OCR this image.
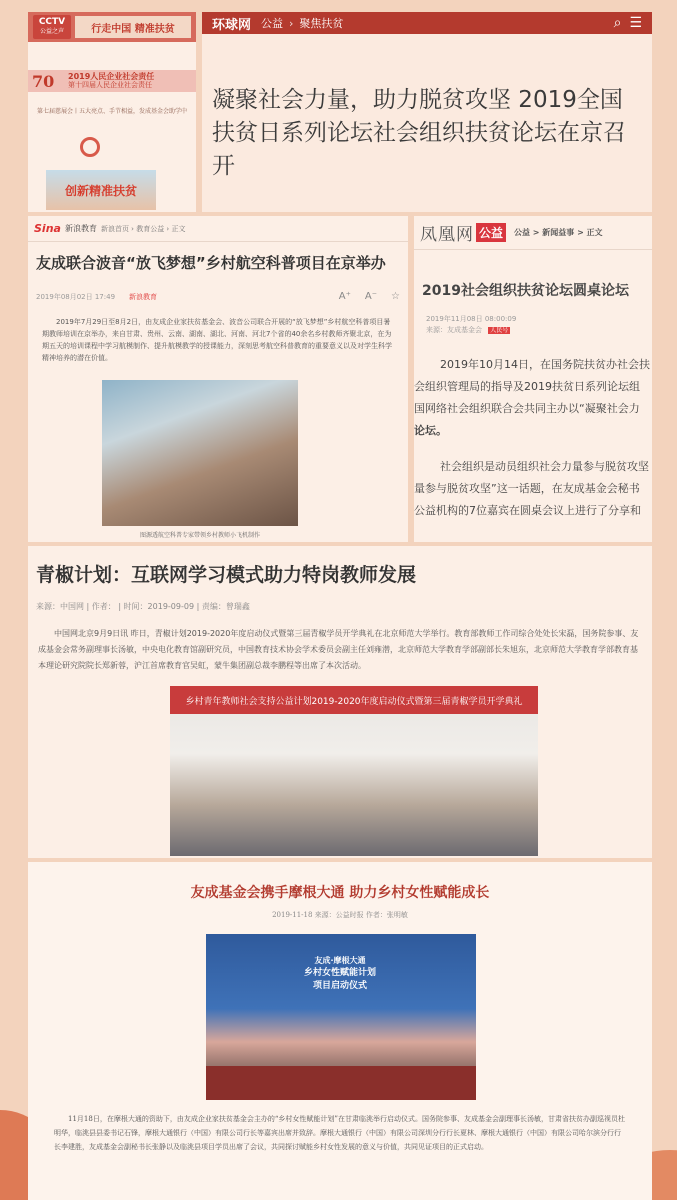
CCTV
公益之声	行走中国 精准扶贫
70	2019人民企业社会责任
第十四届人民企业社会责任
第七届慈展会丨五大亮点、手节相益，发成基金会助学中
创新精准扶贫
环球网 公益 › 聚焦扶贫	⌕ ☰
凝聚社会力量，助力脱贫攻坚 2019全国扶贫日系列论坛社会组织扶贫论坛在京召开
Sina 新浪教育 新浪首页 › 教育公益 › 正文
友成联合波音“放飞梦想”乡村航空科普项目在京举办
2019年08月02日 17:49 新浪教育	A⁺ A⁻ ☆
2019年7月29日至8月2日，由友成企业家扶贫基金会、波音公司联合开展的“放飞梦想”乡村航空科普项目暑期教师培训在京举办，来自甘肃、贵州、云南、湖南、湖北、河南、河北7个省的40余名乡村教师齐聚北京，在为期五天的培训课程中学习航模制作、提升航模教学的授课能力，深刻思考航空科普教育的重要意义以及对学生科学精神培养的潜在价值。
图源透航空科普专家带领乡村教师小飞机制作
凤凰网 公益	公益 > 新闻益事 > 正文
2019社会组织扶贫论坛圆桌论坛
2019年11月08日 08:00:09
来源：友成基金会 人民号
2019年10月14日，在国务院扶贫办社会扶
会组织管理局的指导及2019扶贫日系列论坛组
国网络社会组织联合会共同主办以“凝聚社会力
论坛。
社会组织是动员组织社会力量参与脱贫攻坚
量参与脱贫攻坚”这一话题，在友成基金会秘书
公益机构的7位嘉宾在圆桌会议上进行了分享和
青椒计划：互联网学习模式助力特岗教师发展
来源：中国网 | 作者： | 时间：2019-09-09 | 责编：曾瑞鑫
中国网北京9月9日讯 昨日，青椒计划2019-2020年度启动仪式暨第三届青椒学员开学典礼在北京师范大学举行。教育部教师工作司综合处处长宋磊，国务院参事、友成基金会常务副理事长汤敏，中央电化教育馆副研究员，中国教育技术协会学术委员会副主任刘雍潜，北京师范大学教育学部副部长朱旭东，北京师范大学教育学部教育基本理论研究院院长郑新蓉，沪江首席教育官吴虹，蒙牛集团副总裁李鹏程等出席了本次活动。
乡村青年教师社会支持公益计划2019-2020年度启动仪式暨第三届青椒学员开学典礼
友成基金会携手摩根大通 助力乡村女性赋能成长
2019-11-18 来源：公益时报 作者：张明敏
友成·摩根大通
乡村女性赋能计划
项目启动仪式
11月18日，在摩根大通的资助下，由友成企业家扶贫基金会主办的“乡村女性赋能计划”在甘肃临洮举行启动仪式。国务院参事、友成基金会副理事长汤敏，甘肃省扶贫办副巡视员杜明华，临洮县县委书记石锋，摩根大通银行（中国）有限公司行长等嘉宾出席并致辞。摩根大通银行（中国）有限公司深圳分行行长夏林、摩根大通银行（中国）有限公司哈尔滨分行行长李建胜，友成基金会副秘书长张静以及临洮县项目学员出席了会议，共同探讨赋能乡村女性发展的意义与价值，共同见证项目的正式启动。
